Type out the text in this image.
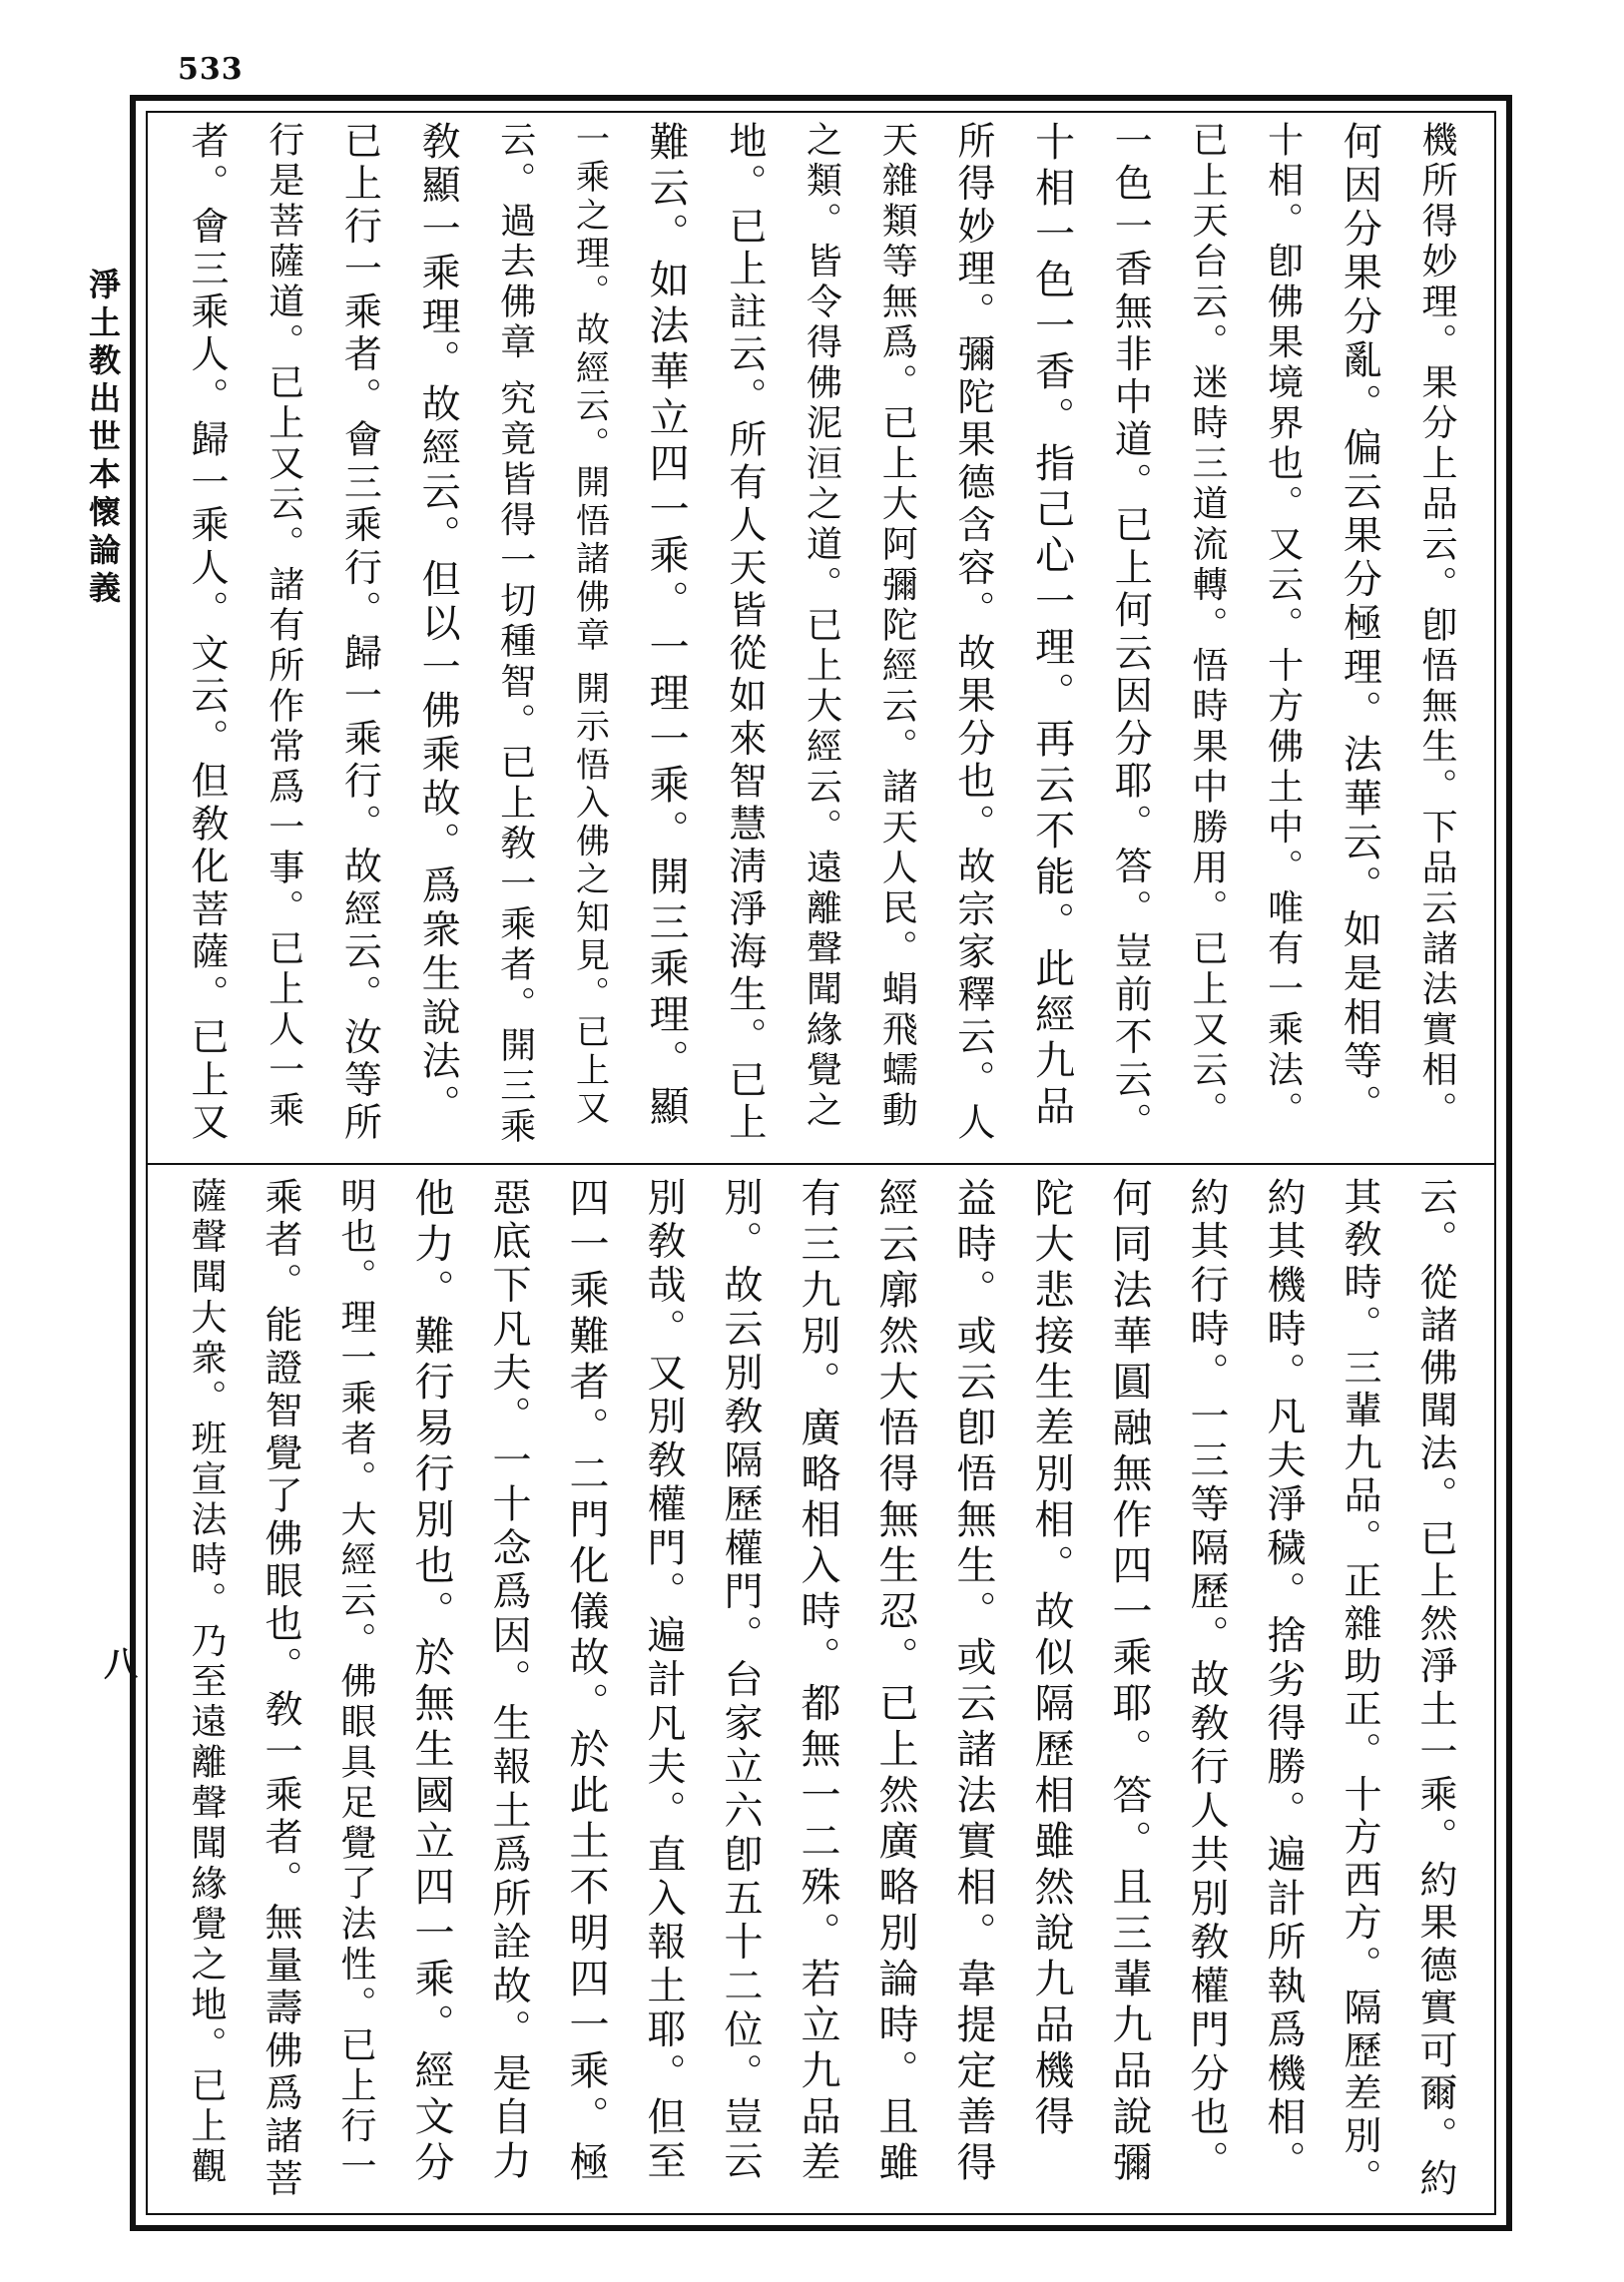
533
淨土教出世本懷論義
八
機所得妙理。果分上品云。卽悟無生。下品云諸法實相。
何因分果分亂。偏云果分極理。法華云。如是相等。
十相。卽佛果境界也。又云。十方佛土中。唯有一乘法。
已上天台云。迷時三道流轉。悟時果中勝用。已上又云。
一色一香無非中道。已上何云因分耶。答。豈前不云。
十相一色一香。指己心一理。再云不能。此經九品
所得妙理。彌陀果德含容。故果分也。故宗家釋云。人
天雜類等無爲。已上大阿彌陀經云。諸天人民。蜎飛蠕動
之類。皆令得佛泥洹之道。已上大經云。遠離聲聞緣覺之
地。已上註云。所有人天皆從如來智慧淸淨海生。已上
難云。如法華立四一乘。一理一乘。開三乘理。顯
一乘之理。故經云。開悟諸佛章 開示悟入佛之知見。已上又
云。過去佛章 究竟皆得一切種智。已上敎一乘者。開三乘
敎顯一乘理。故經云。但以一佛乘故。爲衆生說法。
已上行一乘者。會三乘行。歸一乘行。故經云。汝等所
行是菩薩道。已上又云。諸有所作常爲一事。已上人一乘
者。會三乘人。歸一乘人。文云。但敎化菩薩。已上又
云。從諸佛聞法。已上然淨土一乘。約果德實可爾。約
其敎時。三輩九品。正雜助正。十方西方。隔歷差別。
約其機時。凡夫淨穢。捨劣得勝。遍計所執爲機相。
約其行時。一三等隔歷。故敎行人共別敎權門分也。
何同法華圓融無作四一乘耶。答。且三輩九品說彌
陀大悲接生差別相。故似隔歷相雖然說九品機得
益時。或云卽悟無生。或云諸法實相。韋提定善得
經云廓然大悟得無生忍。已上然廣略別論時。且雖
有三九別。廣略相入時。都無一二殊。若立九品差
別。故云別敎隔歷權門。台家立六卽五十二位。豈云
別敎哉。又別敎權門。遍計凡夫。直入報土耶。但至
四一乘難者。二門化儀故。於此土不明四一乘。極
惡底下凡夫。一十念爲因。生報土爲所詮故。是自力
他力。難行易行別也。於無生國立四一乘。經文分
明也。理一乘者。大經云。佛眼具足覺了法性。已上行一
乘者。能證智覺了佛眼也。敎一乘者。無量壽佛爲諸菩
薩聲聞大衆。班宣法時。乃至遠離聲聞緣覺之地。已上觀
